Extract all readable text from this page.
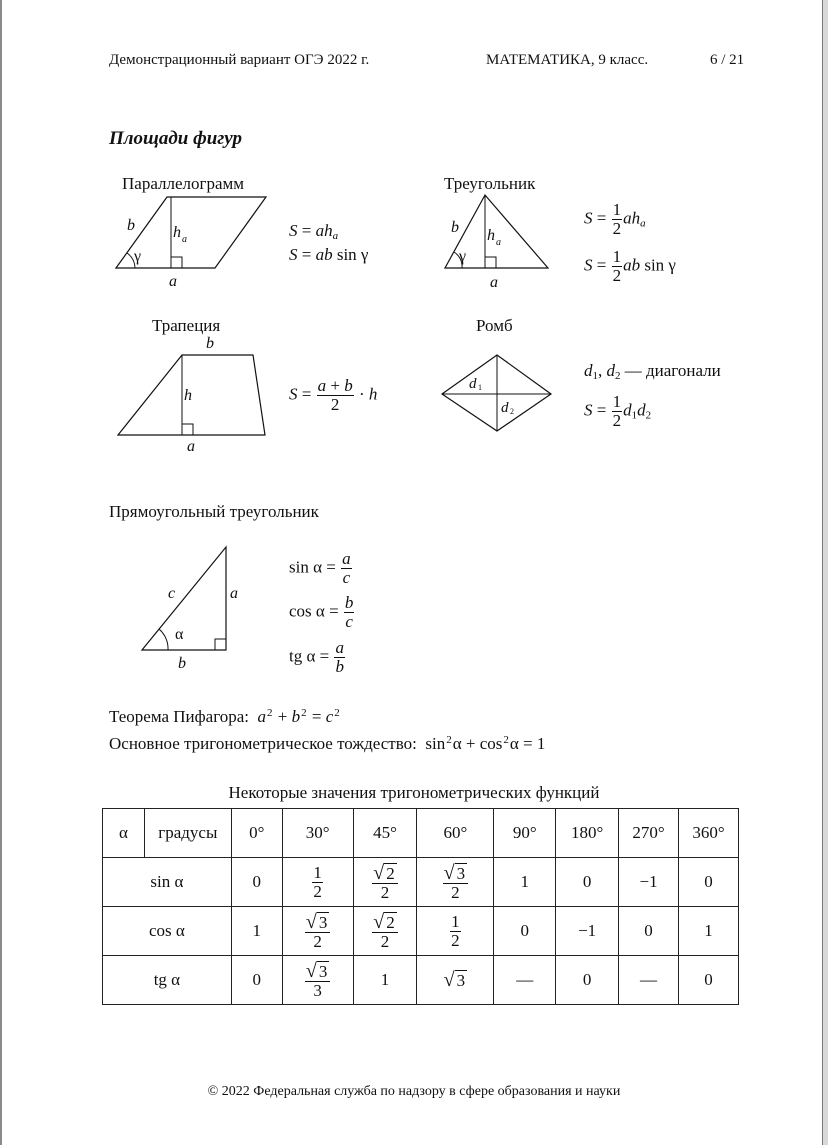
Демонстрационный вариант ОГЭ 2022 г.	МАТЕМАТИКА, 9 класс.	6 / 21
Площади фигур
Параллелограмм
b h a
γ
a
$S = ah_a$
S = ab sin γ
Треугольник
b h a
γ
a
$S = \frac{1}{2} ah_a$
$S = \frac{1}{2}$ ab sin γ
Трапеция
b
h
a
$S = \frac{a + b}{2} \cdot h$
Ромб
d 1
d 2
$d_1$, $d_2$ — диагонали
$S = \frac{1}{2} d_1d_2$
Прямоугольный треугольник
c	a
α
b
$\sin \alpha = \frac{a}{c}$
$\cos \alpha = \frac{b}{c}$
tg $\alpha = \frac{a}{b}$
Теорема Пифагора: $a^2 + b^2 = c^2$
Основное тригонометрическое тождество:  $\sin^2\alpha + \cos^2\alpha = 1$
Некоторые значения тригонометрических функций
α	градусы	0°	30°	45°	60°	90°	180°	270°	360°
sin α		0	$\frac{1}{2}$	$\frac{√ 2}{2}$	$\frac{√ 3}{2}$	1	0	−1	0
cos α		1	$\frac{√ 3}{2}$	$\frac{√ 2}{2}$	$\frac{1}{2}$	0	−1	0	1
tg α		0	$\frac{√ 3}{3}$	1	√ 3	—	0	—	0
© 2022 Федеральная служба по надзору в сфере образования и науки
